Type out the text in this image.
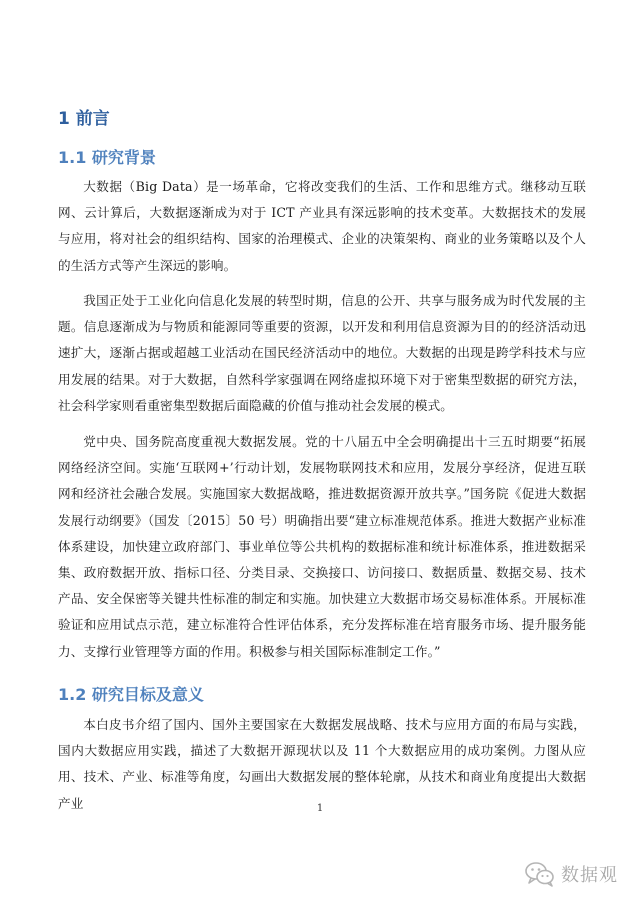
1 前言
1.1 研究背景

大数据（Big Data）是一场革命，它将改变我们的生活、工作和思维方式。继移动互联网、云计算后，大数据逐渐成为对于 ICT 产业具有深远影响的技术变革。大数据技术的发展与应用，将对社会的组织结构、国家的治理模式、企业的决策架构、商业的业务策略以及个人的生活方式等产生深远的影响。

我国正处于工业化向信息化发展的转型时期，信息的公开、共享与服务成为时代发展的主题。信息逐渐成为与物质和能源同等重要的资源，以开发和利用信息资源为目的的经济活动迅速扩大，逐渐占据或超越工业活动在国民经济活动中的地位。大数据的出现是跨学科技术与应用发展的结果。对于大数据，自然科学家强调在网络虚拟环境下对于密集型数据的研究方法，社会科学家则看重密集型数据后面隐藏的价值与推动社会发展的模式。

党中央、国务院高度重视大数据发展。党的十八届五中全会明确提出十三五时期要“拓展网络经济空间。实施‘互联网+’行动计划，发展物联网技术和应用，发展分享经济，促进互联网和经济社会融合发展。实施国家大数据战略，推进数据资源开放共享。”国务院《促进大数据发展行动纲要》（国发〔2015〕50 号）明确指出要“建立标准规范体系。推进大数据产业标准体系建设，加快建立政府部门、事业单位等公共机构的数据标准和统计标准体系，推进数据采集、政府数据开放、指标口径、分类目录、交换接口、访问接口、数据质量、数据交易、技术产品、安全保密等关键共性标准的制定和实施。加快建立大数据市场交易标准体系。开展标准验证和应用试点示范，建立标准符合性评估体系，充分发挥标准在培育服务市场、提升服务能力、支撑行业管理等方面的作用。积极参与相关国际标准制定工作。”

1.2 研究目标及意义

本白皮书介绍了国内、国外主要国家在大数据发展战略、技术与应用方面的布局与实践，国内大数据应用实践，描述了大数据开源现状以及 11 个大数据应用的成功案例。力图从应用、技术、产业、标准等角度，勾画出大数据发展的整体轮廓，从技术和商业角度提出大数据产业	1
数据观
